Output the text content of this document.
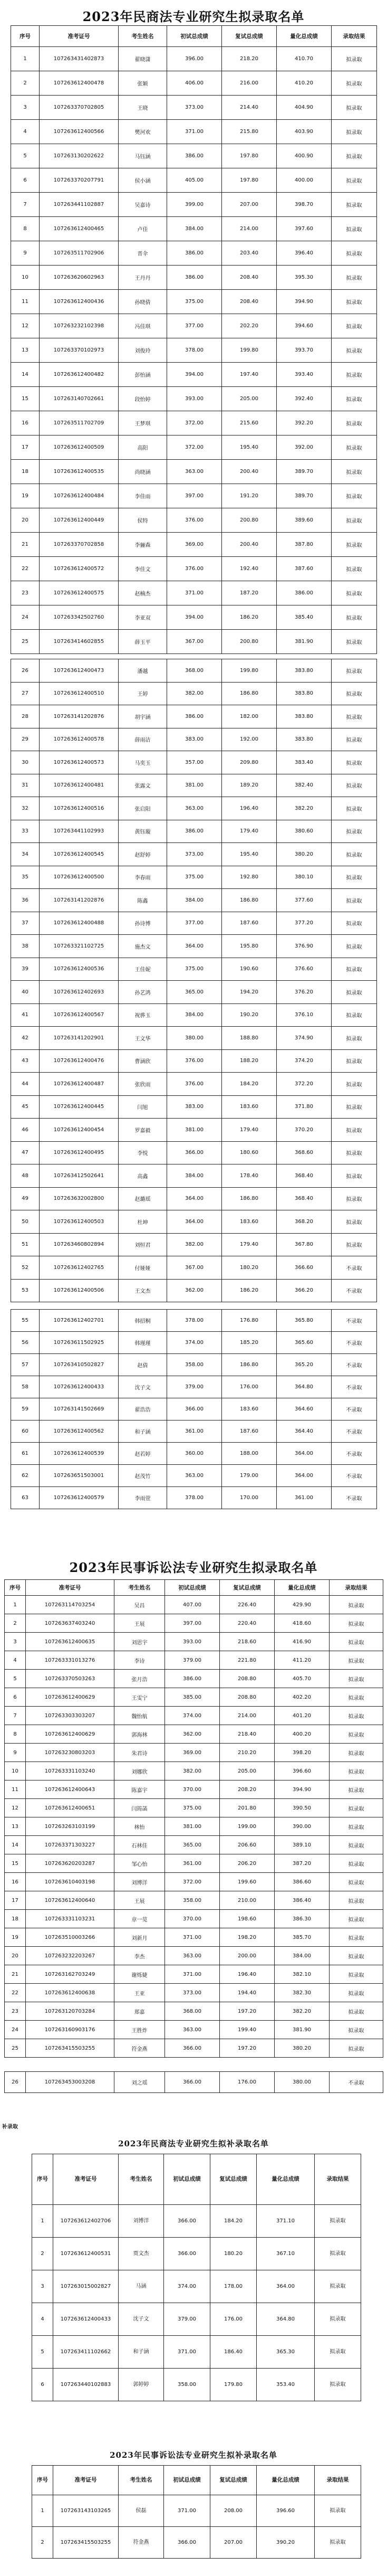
2023年民商法专业研究生拟录取名单
序号	准考证号	考生姓名	初试总成绩	复试总成绩	量化总成绩	录取结果
1	107263431402873	翟晓潇	396.00	218.20	410.70	拟录取
2	107263612400478	张颖	406.00	216.00	410.20	拟录取
3	107263370702805	王晓	373.00	214.40	404.90	拟录取
4	107263612400566	樊河欢	371.00	215.80	403.90	拟录取
5	107263130202622	马钰涵	386.00	197.80	400.90	拟录取
6	107263370207791	侯小涵	405.00	197.80	400.00	拟录取
7	107263441102887	吴嘉诗	399.00	207.00	398.70	拟录取
8	107263612400465	卢佳	384.00	214.00	397.60	拟录取
9	107263511702906	晋伞	386.00	203.40	396.40	拟录取
10	107263620602963	王丹丹	386.00	208.40	395.30	拟录取
11	107263612400436	孙晓倩	375.00	208.40	394.90	拟录取
12	107263232102398	冯佳琪	377.00	202.20	394.60	拟录取
13	107263370102973	刘俊玲	378.00	199.80	393.70	拟录取
14	107263612400482	彭怡涵	394.00	197.40	393.40	拟录取
15	107263140702661	段怡婷	393.00	205.00	392.40	拟录取
16	107263511702709	王梦琪	372.00	215.60	392.20	拟录取
17	107263612400509	高阳	372.00	195.40	392.00	拟录取
18	107263612400535	尚晓涵	363.00	200.40	389.70	拟录取
19	107263612400484	李佳雨	397.00	191.20	389.70	拟录取
20	107263612400449	侯特	376.00	200.80	389.60	拟录取
21	107263370702858	李骊森	369.00	200.40	387.80	拟录取
22	107263612400572	李佳文	376.00	192.40	387.60	拟录取
23	107263612400575	赵楠杰	371.00	187.20	386.00	拟录取
24	107263342502760	李亚双	394.00	186.20	385.40	拟录取
25	107263414602855	薛玉平	367.00	200.80	381.90	拟录取
26	107263612400473	潘越	368.00	199.80	383.80	拟录取
27	107263612400510	王婷	382.00	186.80	383.80	拟录取
28	107263141202876	胡宇涵	386.00	182.00	383.80	拟录取
29	107263612400578	薛雨洁	383.00	192.00	383.80	拟录取
30	107263612400573	马奕玉	357.00	209.80	383.40	拟录取
31	107263612400481	张露文	381.00	189.20	382.40	拟录取
32	107263612400516	张启阳	363.00	196.40	382.20	拟录取
33	107263441102993	黄钰璇	386.00	179.40	380.60	拟录取
34	107263612400545	赵舒婷	373.00	195.40	380.20	拟录取
35	107263612400500	李春雨	375.00	192.80	380.10	拟录取
36	107263141202876	陈鑫	384.00	186.80	377.60	拟录取
37	107263612400488	孙诗博	377.00	187.60	377.20	拟录取
38	107263321102725	施杰文	364.00	195.80	376.90	拟录取
39	107263612400536	王佳妮	375.00	190.60	376.60	拟录取
40	107263612402693	孙艺鸿	365.00	194.20	376.20	拟录取
41	107263612400567	祝骅玉	384.00	190.20	376.10	拟录取
42	107263141202901	王文华	380.00	188.80	374.90	拟录取
43	107263612400476	曹涵欣	376.00	188.20	374.20	拟录取
44	107263612400487	张欣雨	376.00	184.20	372.20	拟录取
45	107263612400445	闫旭	383.00	183.60	371.80	拟录取
46	107263612400454	罗嘉毅	381.00	179.40	370.20	拟录取
47	107263612400495	李悦	366.00	180.60	368.60	拟录取
48	107263412502641	高鑫	384.00	178.40	368.40	拟录取
49	107263632002800	赵璐瑶	364.00	186.80	368.40	拟录取
50	107263612400503	杜坤	364.00	183.60	368.20	拟录取
51	107263460802894	刘恒君	382.00	179.40	367.80	拟录取
52	107263612402765	付娅娅	367.00	180.20	366.60	不录取
53	107263612400506	王文杰	362.00	186.20	366.20	不录取
55	107263612402701	韩招桐	378.00	176.80	365.80	不录取
56	107263611502925	韩瑾瑾	374.00	185.20	365.60	不录取
57	107263410502827	赵倩	358.00	186.80	365.20	不录取
58	107263612400433	沈子文	379.00	176.00	364.80	不录取
59	107263141502669	翟浩浩	366.00	183.60	364.60	不录取
60	107263612400562	和子涵	361.00	187.60	364.40	不录取
61	107263612400539	赵若婷	360.00	188.00	364.00	不录取
62	107263651503001	赵茂竹	363.00	179.00	364.00	不录取
63	107263612400579	李雨萱	378.00	170.00	361.00	不录取
2023年民事诉讼法专业研究生拟录取名单
序号	准考证号	考生姓名	初试总成绩	复试总成绩	量化总成绩	录取结果
1	107263114703254	吴昌	407.00	226.40	429.90	拟录取
2	107263637403240	王展	397.00	220.40	418.60	拟录取
3	107263612400635	刘思宇	393.00	218.60	416.90	拟录取
4	107263331013276	李诗	379.00	221.80	411.20	拟录取
5	107263370503263	张月浩	386.00	208.80	405.70	拟录取
6	107263612400629	王雯宁	385.00	208.80	402.20	拟录取
7	107263303303207	魏怡航	374.00	214.00	401.20	拟录取
8	107263612400629	郭海林	362.00	218.40	400.20	拟录取
9	107263230803203	朱君诗	369.00	210.20	398.20	拟录取
10	107263331103240	刘娜欣	382.00	205.00	396.60	拟录取
11	107263612400643	陈嘉宇	370.00	208.20	394.90	拟录取
12	107263612400651	闫筠菡	375.00	201.80	390.50	拟录取
13	107263263103199	林怡	381.00	199.00	390.00	拟录取
14	107263371303227	石林佳	365.00	206.60	389.10	拟录取
15	107263620203287	邹心怡	361.00	206.20	387.20	拟录取
16	107263610403198	刘博洋	372.00	199.60	386.60	拟录取
17	107263612400640	王展	358.00	210.00	386.40	拟录取
18	107263331103231	章一苋	370.00	198.60	386.30	拟录取
19	107263510003266	刘新月	371.00	198.20	385.70	拟录取
20	107263232203267	李杰	363.00	200.00	384.00	拟录取
21	107263162703249	谢烁婕	371.00	196.40	382.10	拟录取
22	107263612400638	王亚	373.00	194.40	382.30	拟录取
23	107263120703284	郑嘉	368.00	197.20	382.20	拟录取
24	107263160903176	王胜炸	363.00	199.40	381.90	拟录取
25	107263415503255	符金燕	366.00	197.20	380.20	拟录取
26	107263453003208	刘之瑶	366.00	176.00	380.00	不录取
补录取
2023年民商法专业研究生拟补录取名单
序号	准考证号	考生姓名	初试总成绩	复试总成绩	量化总成绩	录取结果
1	107263612402706	刘博洋	366.00	184.20	371.10	拟录取
2	107263612400531	贾文杰	366.00	180.20	367.10	拟录取
3	107263015002827	马涵	374.00	178.00	364.00	拟录取
4	107263612400433	沈子文	379.00	176.00	364.80	拟录取
5	107263411102662	和子涵	371.00	186.40	365.30	拟录取
6	107263440102883	郭婷婷	358.00	179.80	353.40	拟录取
2023年民事诉讼法专业研究生拟补录取名单
序号	准考证号	考生姓名	初试总成绩	复试总成绩	量化总成绩	录取结果
1	107263143103265	侯磊	371.00	208.00	396.60	拟录取
2	107263415503255	符金燕	366.00	207.00	390.20	拟录取
